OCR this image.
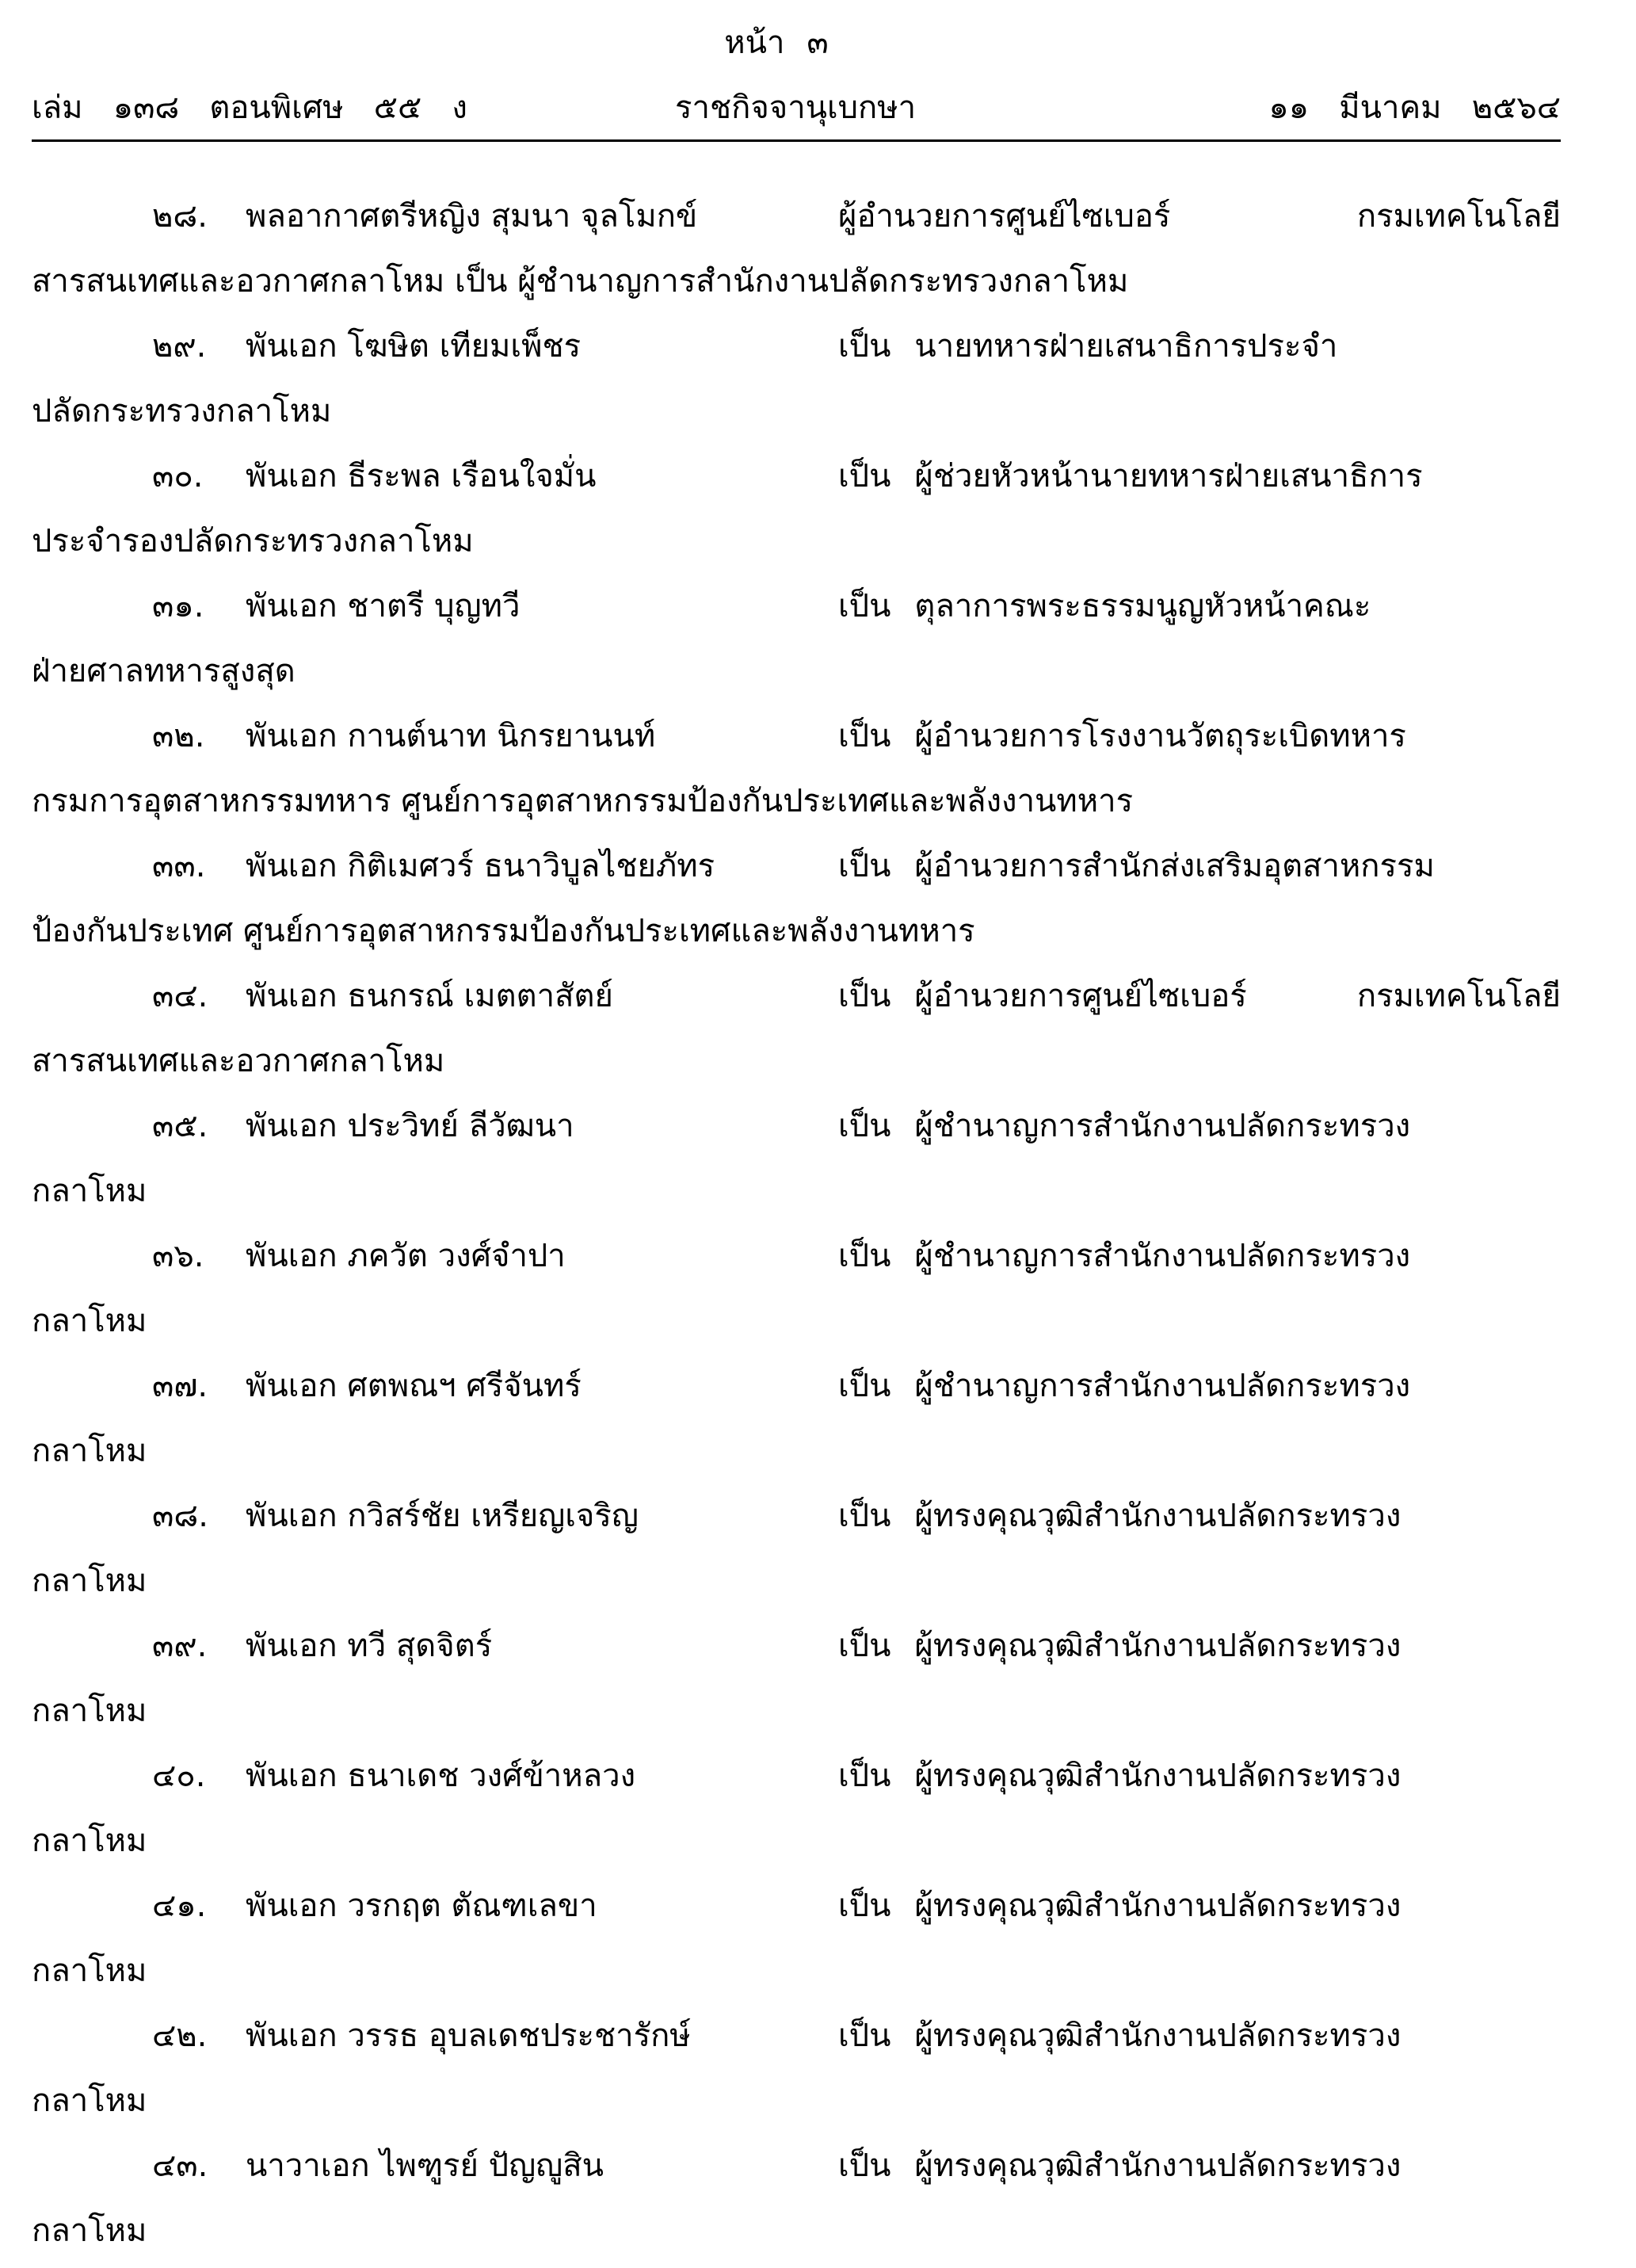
หน้า ๓
เล่ม   ๑๓๘   ตอนพิเศษ   ๕๕   ง	ราชกิจจานุเบกษา	๑๑   มีนาคม   ๒๕๖๔
๒๘. พลอากาศตรีหญิง สุมนา จุลโมกข์	ผู้อำนวยการศูนย์ไซเบอร์ กรมเทคโนโลยี
สารสนเทศและอวกาศกลาโหม เป็น ผู้ชำนาญการสำนักงานปลัดกระทรวงกลาโหม
๒๙. พันเอก โฆษิต เทียมเพ็ชร	เป็น นายทหารฝ่ายเสนาธิการประจำ
ปลัดกระทรวงกลาโหม
๓๐. พันเอก ธีระพล เรือนใจมั่น	เป็น ผู้ช่วยหัวหน้านายทหารฝ่ายเสนาธิการ
ประจำรองปลัดกระทรวงกลาโหม
๓๑. พันเอก ชาตรี บุญทวี	เป็น ตุลาการพระธรรมนูญหัวหน้าคณะ
ฝ่ายศาลทหารสูงสุด
๓๒. พันเอก กานต์นาท นิกรยานนท์	เป็น ผู้อำนวยการโรงงานวัตถุระเบิดทหาร
กรมการอุตสาหกรรมทหาร ศูนย์การอุตสาหกรรมป้องกันประเทศและพลังงานทหาร
๓๓. พันเอก กิติเมศวร์ ธนาวิบูลไชยภัทร	เป็น ผู้อำนวยการสำนักส่งเสริมอุตสาหกรรม
ป้องกันประเทศ ศูนย์การอุตสาหกรรมป้องกันประเทศและพลังงานทหาร
๓๔. พันเอก ธนกรณ์ เมตตาสัตย์	เป็น ผู้อำนวยการศูนย์ไซเบอร์ กรมเทคโนโลยี
สารสนเทศและอวกาศกลาโหม
๓๕. พันเอก ประวิทย์ ลีวัฒนา	เป็น ผู้ชำนาญการสำนักงานปลัดกระทรวง
กลาโหม
๓๖. พันเอก ภควัต วงศ์จำปา	เป็น ผู้ชำนาญการสำนักงานปลัดกระทรวง
กลาโหม
๓๗. พันเอก ศตพณฯ ศรีจันทร์	เป็น ผู้ชำนาญการสำนักงานปลัดกระทรวง
กลาโหม
๓๘. พันเอก กวิสร์ชัย เหรียญเจริญ	เป็น ผู้ทรงคุณวุฒิสำนักงานปลัดกระทรวง
กลาโหม
๓๙. พันเอก ทวี สุดจิตร์	เป็น ผู้ทรงคุณวุฒิสำนักงานปลัดกระทรวง
กลาโหม
๔๐. พันเอก ธนาเดช วงศ์ข้าหลวง	เป็น ผู้ทรงคุณวุฒิสำนักงานปลัดกระทรวง
กลาโหม
๔๑. พันเอก วรกฤต ตัณฑเลขา	เป็น ผู้ทรงคุณวุฒิสำนักงานปลัดกระทรวง
กลาโหม
๔๒. พันเอก วรรธ อุบลเดชประชารักษ์	เป็น ผู้ทรงคุณวุฒิสำนักงานปลัดกระทรวง
กลาโหม
๔๓. นาวาเอก ไพฑูรย์ ปัญญูสิน	เป็น ผู้ทรงคุณวุฒิสำนักงานปลัดกระทรวง
กลาโหม
